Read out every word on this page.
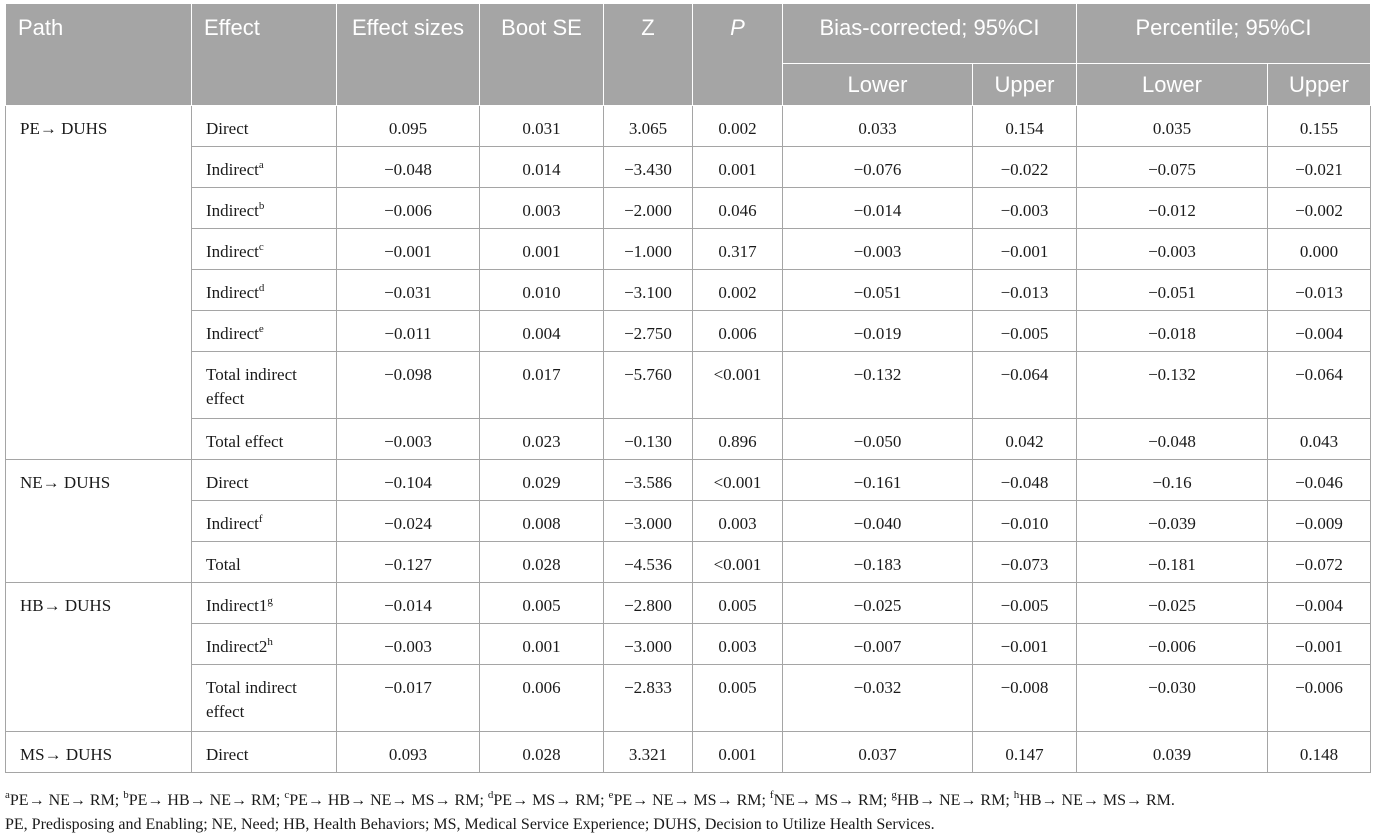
Path	Effect	Effect sizes	Boot SE	Z	P	Bias-corrected; 95%CI		Percentile; 95%CI	
						Lower	Upper	Lower	Upper
PE→ DUHS	Direct	0.095	0.031	3.065	0.002	0.033	0.154	0.035	0.155
	Indirect$^a$	−0.048	0.014	−3.430	0.001	−0.076	−0.022	−0.075	−0.021
	Indirect$^b$	−0.006	0.003	−2.000	0.046	−0.014	−0.003	−0.012	−0.002
	Indirect$^c$	−0.001	0.001	−1.000	0.317	−0.003	−0.001	−0.003	0.000
	Indirect$^d$	−0.031	0.010	−3.100	0.002	−0.051	−0.013	−0.051	−0.013
	Indirect$^e$	−0.011	0.004	−2.750	0.006	−0.019	−0.005	−0.018	−0.004
	Total indirect effect	−0.098	0.017	−5.760	<0.001	−0.132	−0.064	−0.132	−0.064
	Total effect	−0.003	0.023	−0.130	0.896	−0.050	0.042	−0.048	0.043
NE→ DUHS	Direct	−0.104	0.029	−3.586	<0.001	−0.161	−0.048	−0.16	−0.046
	Indirect$^f$	−0.024	0.008	−3.000	0.003	−0.040	−0.010	−0.039	−0.009
	Total	−0.127	0.028	−4.536	<0.001	−0.183	−0.073	−0.181	−0.072
HB→ DUHS	$Indirect1^g$	−0.014	0.005	−2.800	0.005	−0.025	−0.005	−0.025	−0.004
	$Indirect2^h$	−0.003	0.001	−3.000	0.003	−0.007	−0.001	−0.006	−0.001
	Total indirect effect	−0.017	0.006	−2.833	0.005	−0.032	−0.008	−0.030	−0.006
MS→ DUHS	Direct	0.093	0.028	3.321	0.001	0.037	0.147	0.039	0.148
$^a$PE→ NE→ RM; $^b$PE→ HB→ NE→ RM; $^c$PE→ HB→ NE→ MS→ RM; $^d$PE→ MS→ RM; $^e$PE→ NE→ MS→ RM; $^f$NE→ MS→ RM; $^g$HB→ NE→ RM; $^h$HB→ NE→ MS→ RM.
PE, Predisposing and Enabling; NE, Need; HB, Health Behaviors; MS, Medical Service Experience; DUHS, Decision to Utilize Health Services.
